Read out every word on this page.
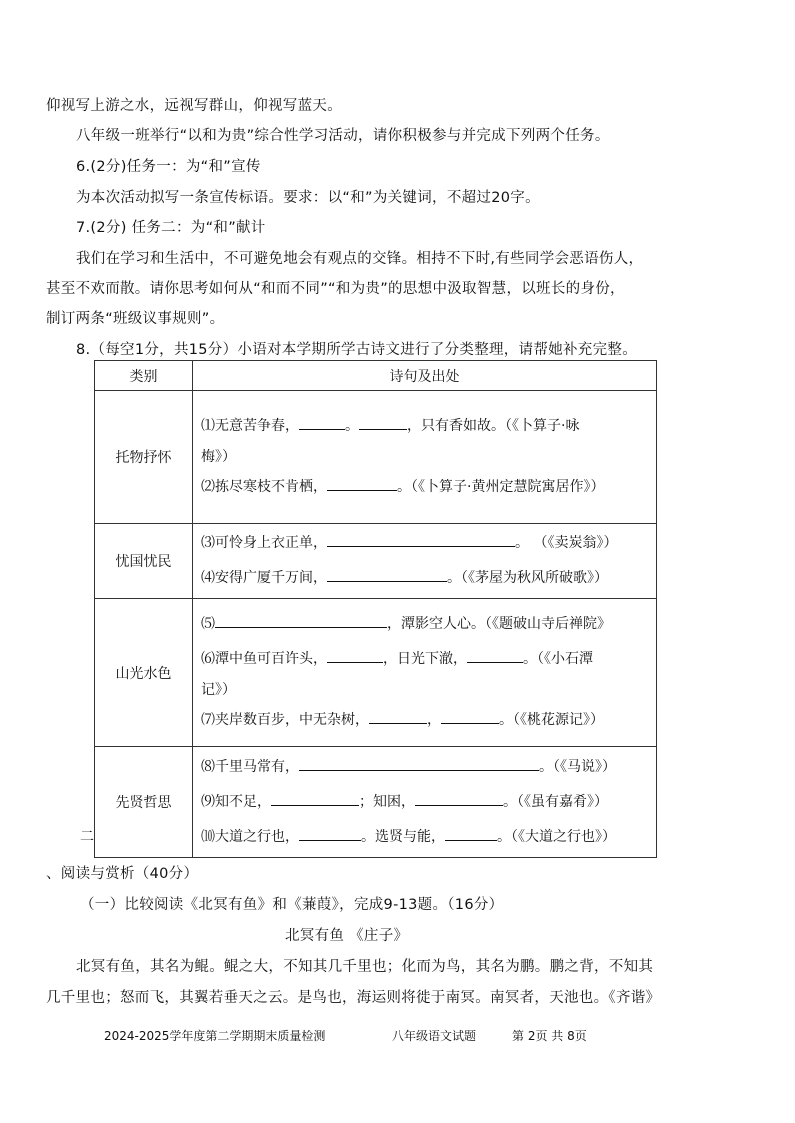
仰视写上游之水，远视写群山，仰视写蓝天。
八年级一班举行“以和为贵”综合性学习活动，请你积极参与并完成下列两个任务。
6.(2分)任务一：为“和”宣传
为本次活动拟写一条宣传标语。要求：以“和”为关键词，不超过20字。
7.(2分) 任务二：为“和”献计
我们在学习和生活中，不可避免地会有观点的交锋。相持不下时,有些同学会恶语伤人，
甚至不欢而散。请你思考如何从“和而不同”“和为贵”的思想中汲取智慧，以班长的身份，
制订两条“班级议事规则”。
8.（每空1分，共15分）小语对本学期所学古诗文进行了分类整理，请帮她补充完整。
类别	诗句及出处
托物抒怀	⑴无意苦争春， 。 ，只有香如故。（《卜算子·咏
梅》）
⑵拣尽寒枝不肯栖， 。（《卜算子·黄州定慧院寓居作》）

忧国忧民	⑶可怜身上衣正单， 。 （《卖炭翁》）
⑷安得广厦千万间， 。（《茅屋为秋风所破歌》）

山光水色	⑸ ，潭影空人心。（《题破山寺后禅院》
⑹潭中鱼可百许头， ，日光下澈， 。（《小石潭
记》）
⑺夹岸数百步，中无杂树， ， 。（《桃花源记》）

先贤哲思	⑻千里马常有， 。（《马说》）
⑼知不足， ；知困， 。（《虽有嘉肴》）
⑽大道之行也， 。选贤与能， 。（《大道之行也》）
二
、阅读与赏析（40分）
（一）比较阅读《北冥有鱼》和《蒹葭》，完成9-13题。（16分）
北冥有鱼 《庄子》
北冥有鱼，其名为鲲。鲲之大，不知其几千里也；化而为鸟，其名为鹏。鹏之背，不知其
几千里也；怒而飞，其翼若垂天之云。是鸟也，海运则将徙于南冥。南冥者，天池也。《齐谐》
2024-2025学年度第二学期期末质量检测	八年级语文试题	第 2页 共 8页
